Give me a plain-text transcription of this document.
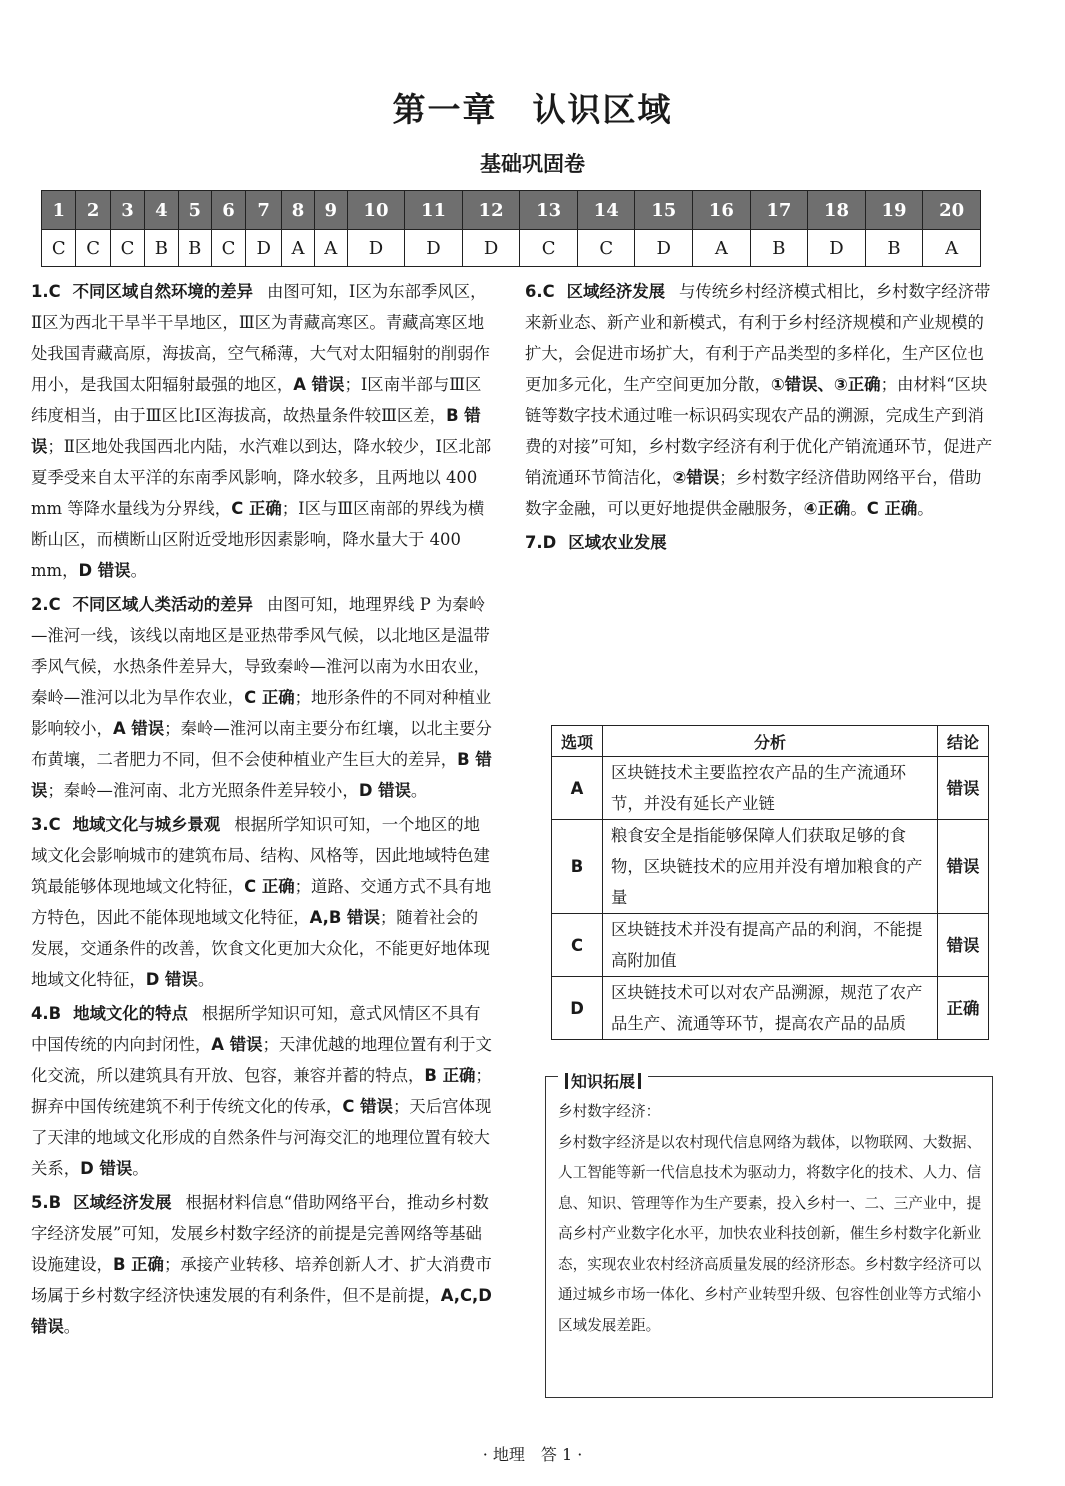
第一章　认识区域
基础巩固卷
1	2	3	4	5	6	7	8	9	10	11	12	13	14	15	16	17	18	19	20
C	C	C	B	B	C	D	A	A	D	D	D	C	C	D	A	B	D	B	A
1.C 不同区域自然环境的差异 由图可知，Ⅰ区为东部季风区，Ⅱ区为西北干旱半干旱地区，Ⅲ区为青藏高寒区。青藏高寒区地处我国青藏高原，海拔高，空气稀薄，大气对太阳辐射的削弱作用小，是我国太阳辐射最强的地区，A 错误；Ⅰ区南半部与Ⅲ区纬度相当，由于Ⅲ区比Ⅰ区海拔高，故热量条件较Ⅲ区差，B 错误；Ⅱ区地处我国西北内陆，水汽难以到达，降水较少，Ⅰ区北部夏季受来自太平洋的东南季风影响，降水较多，且两地以 400 mm 等降水量线为分界线，C 正确；Ⅰ区与Ⅲ区南部的界线为横断山区，而横断山区附近受地形因素影响，降水量大于 400 mm，D 错误。
2.C 不同区域人类活动的差异 由图可知，地理界线 P 为秦岭—淮河一线，该线以南地区是亚热带季风气候，以北地区是温带季风气候，水热条件差异大，导致秦岭—淮河以南为水田农业，秦岭—淮河以北为旱作农业，C 正确；地形条件的不同对种植业影响较小，A 错误；秦岭—淮河以南主要分布红壤，以北主要分布黄壤，二者肥力不同，但不会使种植业产生巨大的差异，B 错误；秦岭—淮河南、北方光照条件差异较小，D 错误。
3.C 地域文化与城乡景观 根据所学知识可知，一个地区的地域文化会影响城市的建筑布局、结构、风格等，因此地域特色建筑最能够体现地域文化特征，C 正确；道路、交通方式不具有地方特色，因此不能体现地域文化特征，A,B 错误；随着社会的发展，交通条件的改善，饮食文化更加大众化，不能更好地体现地域文化特征，D 错误。
4.B 地域文化的特点 根据所学知识可知，意式风情区不具有中国传统的内向封闭性，A 错误；天津优越的地理位置有利于文化交流，所以建筑具有开放、包容，兼容并蓄的特点，B 正确；摒弃中国传统建筑不利于传统文化的传承，C 错误；天后宫体现了天津的地域文化形成的自然条件与河海交汇的地理位置有较大关系，D 错误。
5.B 区域经济发展 根据材料信息“借助网络平台，推动乡村数字经济发展”可知，发展乡村数字经济的前提是完善网络等基础设施建设，B 正确；承接产业转移、培养创新人才、扩大消费市场属于乡村数字经济快速发展的有利条件，但不是前提，A,C,D 错误。
6.C 区域经济发展 与传统乡村经济模式相比，乡村数字经济带来新业态、新产业和新模式，有利于乡村经济规模和产业规模的扩大，会促进市场扩大，有利于产品类型的多样化，生产区位也更加多元化，生产空间更加分散，①错误、③正确；由材料“区块链等数字技术通过唯一标识码实现农产品的溯源，完成生产到消费的对接”可知，乡村数字经济有利于优化产销流通环节，促进产销流通环节简洁化，②错误；乡村数字经济借助网络平台，借助数字金融，可以更好地提供金融服务，④正确。C 正确。
7.D 区域农业发展
选项	分析	结论
A	区块链技术主要监控农产品的生产流通环节，并没有延长产业链	错误
B	粮食安全是指能够保障人们获取足够的食物，区块链技术的应用并没有增加粮食的产量	错误
C	区块链技术并没有提高产品的利润，不能提高附加值	错误
D	区块链技术可以对农产品溯源，规范了农产品生产、流通等环节，提高农产品的品质	正确
知识拓展
乡村数字经济：
乡村数字经济是以农村现代信息网络为载体，以物联网、大数据、人工智能等新一代信息技术为驱动力，将数字化的技术、人力、信息、知识、管理等作为生产要素，投入乡村一、二、三产业中，提高乡村产业数字化水平，加快农业科技创新，催生乡村数字化新业态，实现农业农村经济高质量发展的经济形态。乡村数字经济可以通过城乡市场一体化、乡村产业转型升级、包容性创业等方式缩小区域发展差距。
· 地理　答 1 ·
